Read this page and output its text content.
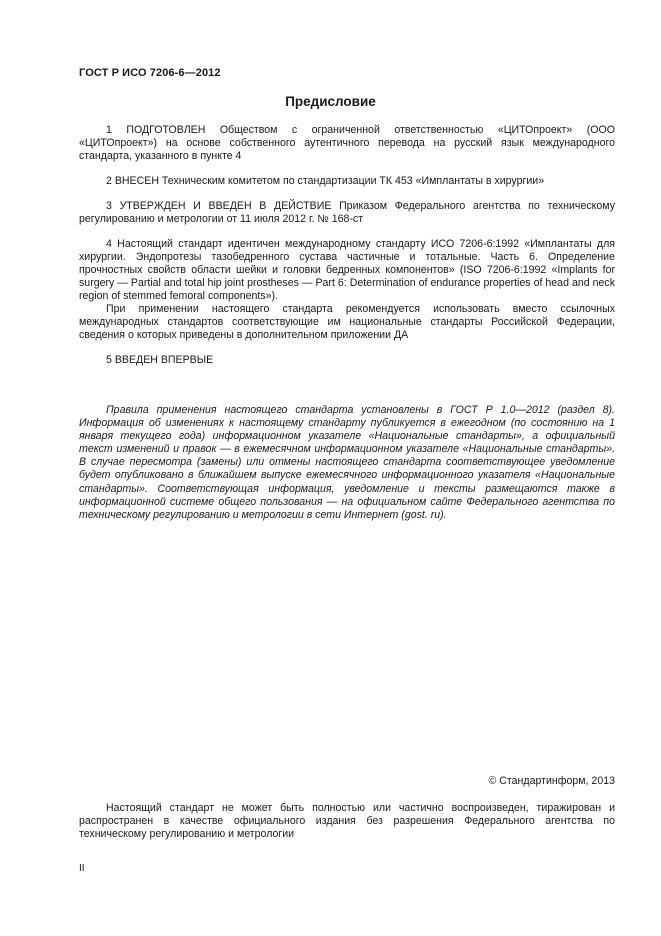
ГОСТ Р ИСО 7206-6—2012
Предисловие

1 ПОДГОТОВЛЕН Обществом с ограниченной ответственностью «ЦИТОпроект» (ООО «ЦИТОпроект») на основе собственного аутентичного перевода на русский язык международного стандарта, указанного в пункте 4

2 ВНЕСЕН Техническим комитетом по стандартизации ТК 453 «Имплантаты в хирургии»

3 УТВЕРЖДЕН И ВВЕДЕН В ДЕЙСТВИЕ Приказом Федерального агентства по техническому регулированию и метрологии от 11 июля 2012 г. № 168-ст

4 Настоящий стандарт идентичен международному стандарту ИСО 7206-6:1992 «Имплантаты для хирургии. Эндопротезы тазобедренного сустава частичные и тотальные. Часть 6. Определение прочностных свойств области шейки и головки бедренных компонентов» (ISO 7206-6:1992 «Implants for surgery — Partial and total hip joint prostheses — Part 6: Determination of endurance properties of head and neck region of stemmed femoral components»).

При применении настоящего стандарта рекомендуется использовать вместо ссылочных международных стандартов соответствующие им национальные стандарты Российской Федерации, сведения о которых приведены в дополнительном приложении ДА

5 ВВЕДЕН ВПЕРВЫЕ

Правила применения настоящего стандарта установлены в ГОСТ Р 1.0—2012 (раздел 8). Информация об изменениях к настоящему стандарту публикуется в ежегодном (по состоянию на 1 января текущего года) информационном указателе «Национальные стандарты», а официальный текст изменений и правок — в ежемесячном информационном указателе «Национальные стандарты». В случае пересмотра (замены) или отмены настоящего стандарта соответствующее уведомление будет опубликовано в ближайшем выпуске ежемесячного информационного указателя «Национальные стандарты». Соответствующая информация, уведомление и тексты размещаются также в информационной системе общего пользования — на официальном сайте Федерального агентства по техническому регулированию и метрологии в сети Интернет (gost. ru).

© Стандартинформ, 2013

Настоящий стандарт не может быть полностью или частично воспроизведен, тиражирован и распространен в качестве официального издания без разрешения Федерального агентства по техническому регулированию и метрологии

II
